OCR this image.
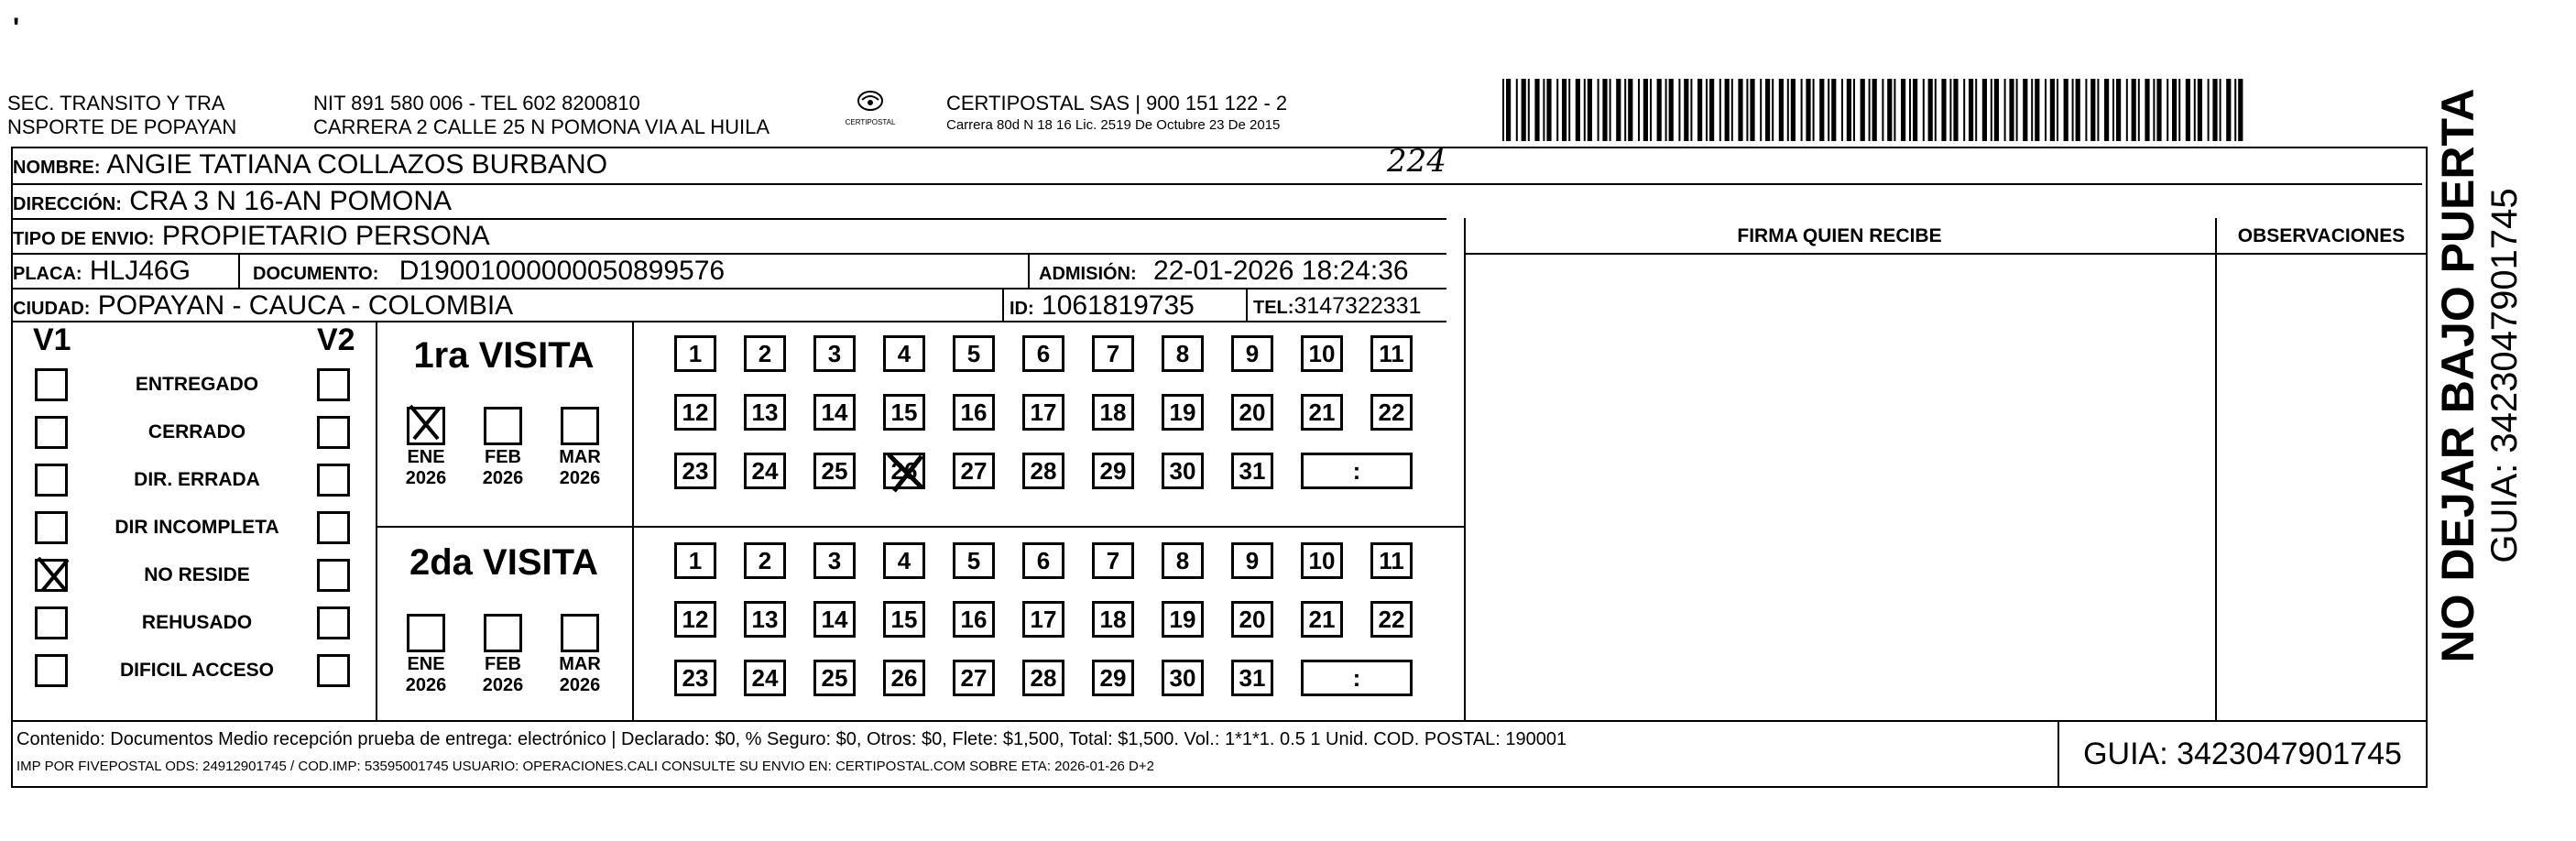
'
SEC. TRANSITO Y TRA
NSPORTE DE POPAYAN
NIT 891 580 006 - TEL 602 8200810
CARRERA 2 CALLE 25 N POMONA VIA AL HUILA	CERTIPOSTAL
CERTIPOSTAL SAS | 900 151 122 - 2
Carrera 80d N 18 16 Lic. 2519 De Octubre 23 De 2015
NOMBRE: ANGIE TATIANA COLLAZOS BURBANO	224
DIRECCIÓN: CRA 3 N 16-AN POMONA
TIPO DE ENVIO: PROPIETARIO PERSONA
PLACA: HLJ46G	DOCUMENTO: D19001000000050899576	ADMISIÓN: 22-01-2026 18:24:36
CIUDAD: POPAYAN - CAUCA - COLOMBIA	ID: 1061819735	TEL:3147322331
FIRMA QUIEN RECIBE	OBSERVACIONES NO DEJAR BAJO PUERTA GUIA: 3423047901745
V1	V2
ENTREGADO
CERRADO
DIR. ERRADA
DIR INCOMPLETA
NO RESIDE
REHUSADO
DIFICIL ACCESO
1ra VISITA
ENE
2026
FEB
2026
MAR
2026
1	2	3	4	5	6	7	8	9	10	11
12	13	14	15	16	17	18	19	20	21	22
23	24	25	26	27	28	29	30	31	:
2da VISITA
ENE
2026
FEB
2026
MAR
2026
1	2	3	4	5	6	7	8	9	10	11
12	13	14	15	16	17	18	19	20	21	22
23	24	25	26	27	28	29	30	31	:
Contenido: Documentos Medio recepción prueba de entrega: electrónico | Declarado: $0, % Seguro: $0, Otros: $0, Flete: $1,500, Total: $1,500. Vol.: 1*1*1. 0.5 1 Unid. COD. POSTAL: 190001
IMP POR FIVEPOSTAL ODS: 24912901745 / COD.IMP: 53595001745 USUARIO: OPERACIONES.CALI CONSULTE SU ENVIO EN: CERTIPOSTAL.COM SOBRE ETA: 2026-01-26 D+2	GUIA: 3423047901745
